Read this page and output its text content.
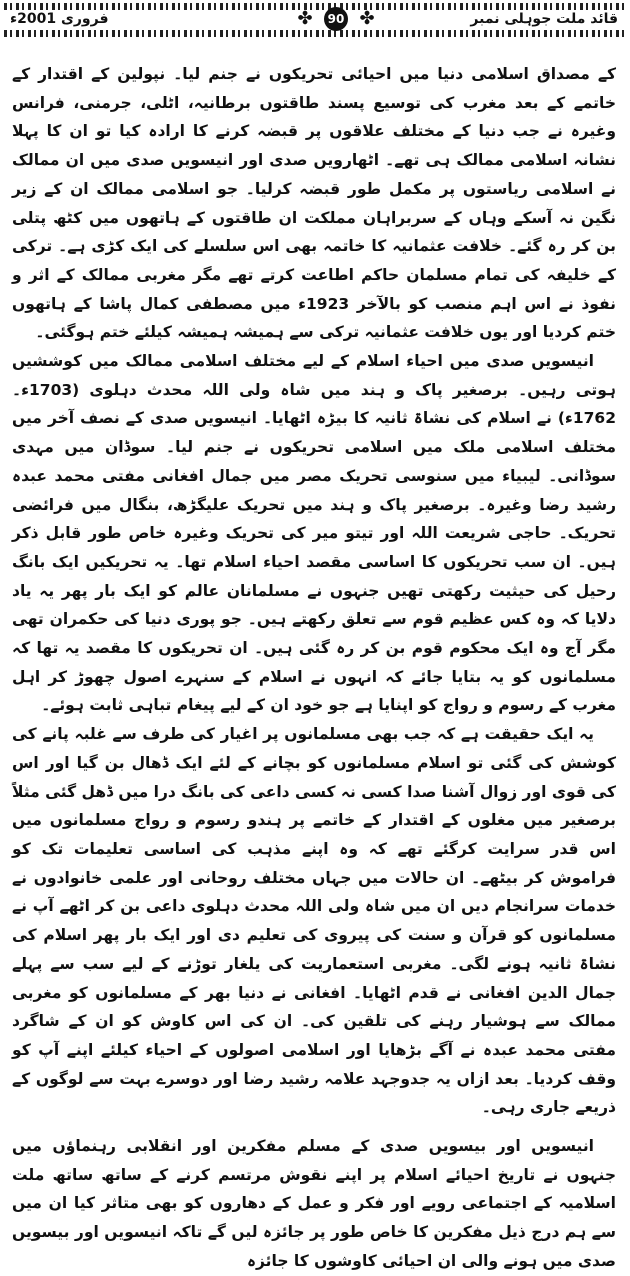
فروری 2001ء	✤	90 ✤	قائد ملت جوہلی نمبر

کے مصداق اسلامی دنیا میں احیائی تحریکوں نے جنم لیا۔ نپولین کے اقتدار کے خاتمے کے بعد مغرب کی توسیع پسند طاقتوں برطانیہ، اٹلی، جرمنی، فرانس وغیرہ نے جب دنیا کے مختلف علاقوں پر قبضہ کرنے کا ارادہ کیا تو ان کا پہلا نشانہ اسلامی ممالک ہی تھے۔ اٹھارویں صدی اور انیسویں صدی میں ان ممالک نے اسلامی ریاستوں پر مکمل طور قبضہ کرلیا۔ جو اسلامی ممالک ان کے زیر نگین نہ آسکے وہاں کے سربراہان مملکت ان طاقتوں کے ہاتھوں میں کٹھ پتلی بن کر رہ گئے۔ خلافت عثمانیہ کا خاتمہ بھی اس سلسلے کی ایک کڑی ہے۔ ترکی کے خلیفہ کی تمام مسلمان حاکم اطاعت کرتے تھے مگر مغربی ممالک کے اثر و نفوذ نے اس اہم منصب کو بالآخر 1923ء میں مصطفی کمال پاشا کے ہاتھوں ختم کردیا اور یوں خلافت عثمانیہ ترکی سے ہمیشہ ہمیشہ کیلئے ختم ہوگئی۔

انیسویں صدی میں احیاء اسلام کے لیے مختلف اسلامی ممالک میں کوششیں ہوتی رہیں۔ برصغیر پاک و ہند میں شاہ ولی اللہ محدث دہلوی (1703ء۔ 1762ء) نے اسلام کی نشاۃ ثانیہ کا بیڑہ اٹھایا۔ انیسویں صدی کے نصف آخر میں مختلف اسلامی ملک میں اسلامی تحریکوں نے جنم لیا۔ سوڈان میں مہدی سوڈانی۔ لیبیاء میں سنوسی تحریک مصر میں جمال افغانی مفتی محمد عبدہ رشید رضا وغیرہ۔ برصغیر پاک و ہند میں تحریک علیگڑھ، بنگال میں فرائضی تحریک۔ حاجی شریعت اللہ اور تیتو میر کی تحریک وغیرہ خاص طور قابل ذکر ہیں۔ ان سب تحریکوں کا اساسی مقصد احیاء اسلام تھا۔ یہ تحریکیں ایک بانگ رحیل کی حیثیت رکھتی تھیں جنہوں نے مسلمانان عالم کو ایک بار پھر یہ یاد دلایا کہ وہ کس عظیم قوم سے تعلق رکھتے ہیں۔ جو پوری دنیا کی حکمران تھی مگر آج وہ ایک محکوم قوم بن کر رہ گئی ہیں۔ ان تحریکوں کا مقصد یہ تھا کہ مسلمانوں کو یہ بتایا جائے کہ انہوں نے اسلام کے سنہرے اصول چھوڑ کر اہل مغرب کے رسوم و رواج کو اپنایا ہے جو خود ان کے لیے پیغام تباہی ثابت ہوئے۔

یہ ایک حقیقت ہے کہ جب بھی مسلمانوں پر اغیار کی طرف سے غلبہ پانے کی کوشش کی گئی تو اسلام مسلمانوں کو بچانے کے لئے ایک ڈھال بن گیا اور اس کی قوی اور زوال آشنا صدا کسی نہ کسی داعی کی بانگ درا میں ڈھل گئی مثلاً برصغیر میں مغلوں کے اقتدار کے خاتمے پر ہندو رسوم و رواج مسلمانوں میں اس قدر سرایت کرگئے تھے کہ وہ اپنے مذہب کی اساسی تعلیمات تک کو فراموش کر بیٹھے۔ ان حالات میں جہاں مختلف روحانی اور علمی خانوادوں نے خدمات سرانجام دیں ان میں شاہ ولی اللہ محدث دہلوی داعی بن کر اٹھے آپ نے مسلمانوں کو قرآن و سنت کی پیروی کی تعلیم دی اور ایک بار پھر اسلام کی نشاۃ ثانیہ ہونے لگی۔ مغربی استعماریت کی یلغار توڑنے کے لیے سب سے پہلے جمال الدین افغانی نے قدم اٹھایا۔ افغانی نے دنیا بھر کے مسلمانوں کو مغربی ممالک سے ہوشیار رہنے کی تلقین کی۔ ان کی اس کاوش کو ان کے شاگرد مفتی محمد عبدہ نے آگے بڑھایا اور اسلامی اصولوں کے احیاء کیلئے اپنے آپ کو وقف کردیا۔ بعد ازاں یہ جدوجہد علامہ رشید رضا اور دوسرے بہت سے لوگوں کے ذریعے جاری رہی۔

انیسویں اور بیسویں صدی کے مسلم مفکرین اور انقلابی رہنماؤں میں جنہوں نے تاریخ احیائے اسلام پر اپنے نقوش مرتسم کرنے کے ساتھ ساتھ ملت اسلامیہ کے اجتماعی رویے اور فکر و عمل کے دھاروں کو بھی متاثر کیا ان میں سے ہم درج ذیل مفکرین کا خاص طور پر جائزہ لیں گے تاکہ انیسویں اور بیسویں صدی میں ہونے والی ان احیائی کاوشوں کا جائزہ
